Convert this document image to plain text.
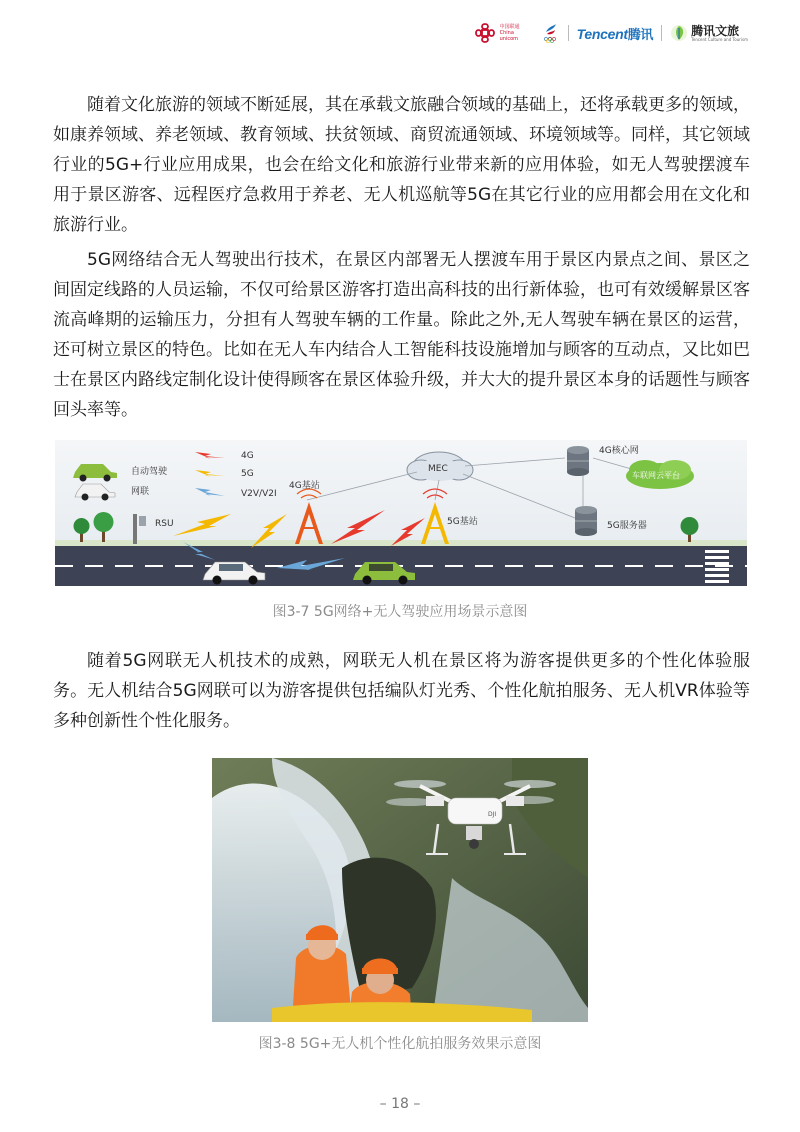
中国联通 China unicom	Tencent腾讯	腾讯文旅
Tencent Culture and Tourism

随着文化旅游的领域不断延展，其在承载文旅融合领域的基础上，还将承载更多的领域，如康养领域、养老领域、教育领域、扶贫领域、商贸流通领域、环境领域等。同样，其它领域行业的5G+行业应用成果，也会在给文化和旅游行业带来新的应用体验，如无人驾驶摆渡车用于景区游客、远程医疗急救用于养老、无人机巡航等5G在其它行业的应用都会用在文化和旅游行业。

5G网络结合无人驾驶出行技术，在景区内部署无人摆渡车用于景区内景点之间、景区之间固定线路的人员运输，不仅可给景区游客打造出高科技的出行新体验，也可有效缓解景区客流高峰期的运输压力，分担有人驾驶车辆的工作量。除此之外,无人驾驶车辆在景区的运营，还可树立景区的特色。比如在无人车内结合人工智能科技设施增加与顾客的互动点，又比如巴士在景区内路线定制化设计使得顾客在景区体验升级，并大大的提升景区本身的话题性与顾客回头率等。

自动驾驶
网联
4G
5G
V2V/V2I
RSU
MEC
4G核心网
5G服务器
车联网云平台
4G基站
5G基站

图3-7 5G网络+无人驾驶应用场景示意图

随着5G网联无人机技术的成熟，网联无人机在景区将为游客提供更多的个性化体验服务。无人机结合5G网联可以为游客提供包括编队灯光秀、个性化航拍服务、无人机VR体验等多种创新性个性化服务。

DJI

图3-8 5G+无人机个性化航拍服务效果示意图

– 18 –
